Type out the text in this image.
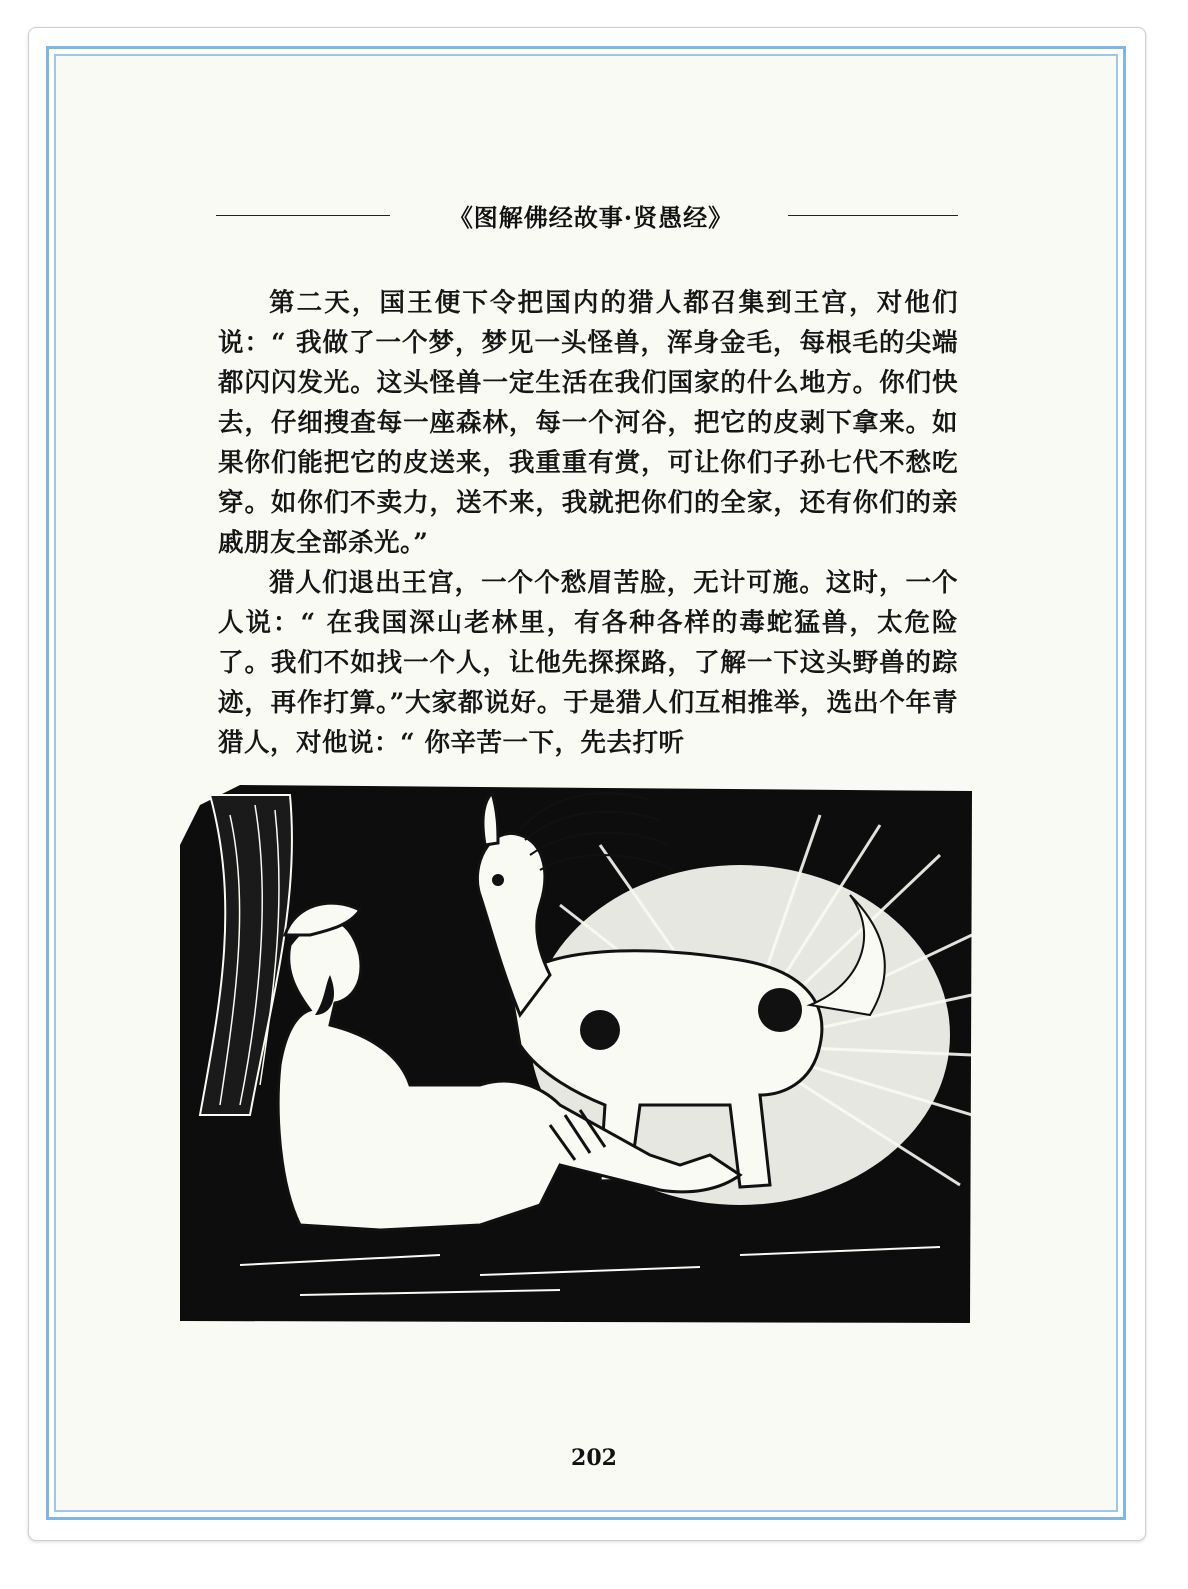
《图解佛经故事·贤愚经》

第二天，国王便下令把国内的猎人都召集到王宫，对他们说：“ 我做了一个梦，梦见一头怪兽，浑身金毛，每根毛的尖端都闪闪发光。这头怪兽一定生活在我们国家的什么地方。你们快去，仔细搜查每一座森林，每一个河谷，把它的皮剥下拿来。如果你们能把它的皮送来，我重重有赏，可让你们子孙七代不愁吃穿。如你们不卖力，送不来，我就把你们的全家，还有你们的亲戚朋友全部杀光。”

猎人们退出王宫，一个个愁眉苦脸，无计可施。这时，一个人说：“ 在我国深山老林里，有各种各样的毒蛇猛兽，太危险了。我们不如找一个人，让他先探探路，了解一下这头野兽的踪迹，再作打算。”大家都说好。于是猎人们互相推举，选出个年青猎人，对他说：“ 你辛苦一下，先去打听

202
